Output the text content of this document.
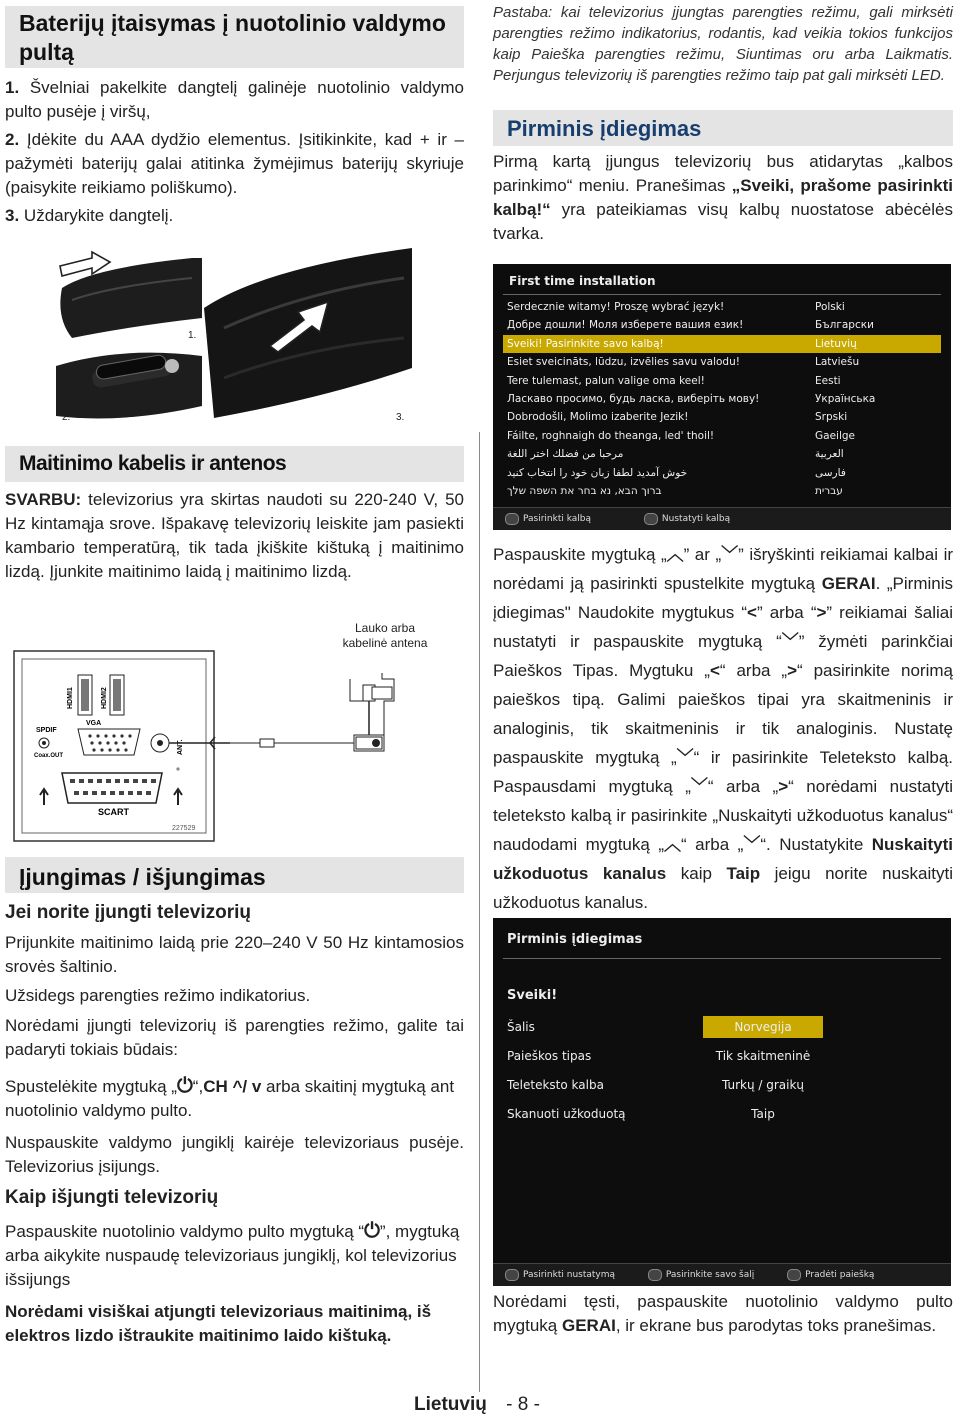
Baterijų įtaisymas į nuotolinio valdymo pultą

1. Švelniai pakelkite dangtelį galinėje nuotolinio valdymo pulto pusėje į viršų,

2. Įdėkite du AAA dydžio elementus. Įsitikinkite, kad + ir – pažymėti baterijų galai atitinka žymėjimus baterijų skyriuje (paisykite reikiamo poliškumo).

3. Uždarykite dangtelį.

1.
2.	3.
Maitinimo kabelis ir antenos

SVARBU: televizorius yra skirtas naudoti su 220-240 V, 50 Hz kintamąja srove. Išpakavę televizorių leiskite jam pasiekti kambario temperatūrą, tik tada įkiškite kištuką į maitinimo lizdą. Įjunkite maitinimo laidą į maitinimo lizdą.

Lauko arba
kabelinė antena
HDMI1	HDMI2
VGA
SPDIF
Coax.OUT
ANT.
SCART
227529
Įjungimas / išjungimas
Jei norite įjungti televizorių

Prijunkite maitinimo laidą prie 220–240 V 50 Hz kintamosios srovės šaltinio.

Užsidegs parengties režimo indikatorius.

Norėdami įjungti televizorių iš parengties režimo, galite tai padaryti tokiais būdais:

Spustelėkite mygtuką „⏻“,CH ^/ v arba skaitinį mygtuką ant nuotolinio valdymo pulto.

Nuspauskite valdymo jungiklį kairėje televizoriaus pusėje. Televizorius įsijungs.

Kaip išjungti televizorių

Paspauskite nuotolinio valdymo pulto mygtuką “⏻”, mygtuką arba aikykite nuspaudę televizoriaus jungiklį, kol televizorius išsijungs

Norėdami visiškai atjungti televizoriaus maitinimą, iš elektros lizdo ištraukite maitinimo laido kištuką.

Pastaba: kai televizorius įjungtas parengties režimu, gali mirksėti parengties režimo indikatorius, rodantis, kad veikia tokios funkcijos kaip Paieška parengties režimu, Siuntimas oru arba Laikmatis. Perjungus televizorių iš parengties režimo taip pat gali mirksėti LED.

Pirminis įdiegimas

Pirmą kartą įjungus televizorių bus atidarytas „kalbos parinkimo“ meniu. Pranešimas „Sveiki, prašome pasirinkti kalbą!“ yra pateikiamas visų kalbų nuostatose abėcėlės tvarka.

First time installation
Serdecznie witamy! Proszę wybrać język!	Polski
Добре дошли! Моля изберете вашия език!	Български
Sveiki! Pasirinkite savo kalbą!	Lietuvių
Esiet sveicināts, lūdzu, izvēlies savu valodu!	Latviešu
Tere tulemast, palun valige oma keel!	Eesti
Ласкаво просимо, будь ласка, виберіть мову!	Українська
Dobrodošli, Molimo izaberite Jezik!	Srpski
Fáilte, roghnaigh do theanga, led' thoil!	Gaeilge
مرحبا من فضلك اختر اللغة	العربية
خوش آمدید لطفا زبان خود را انتخاب کنید	فارسی
ברוך הבא, נא בחר את השפה שלך	עברית
Pasirinkti kalbą	Nustatyti kalbą
Paspauskite mygtuką „︿” ar „﹀” išryškinti reikiamai kalbai ir norėdami ją pasirinkti spustelkite mygtuką GERAI. „Pirminis įdiegimas" Naudokite mygtukus “<” arba “>” reikiamai šaliai nustatyti ir paspauskite mygtuką “﹀” žymėti parinkčiai Paieškos Tipas. Mygtuku „<“ arba „>“ pasirinkite norimą paieškos tipą. Galimi paieškos tipai yra skaitmeninis ir analoginis, tik skaitmeninis ir tik analoginis. Nustatę paspauskite mygtuką „﹀“ ir pasirinkite Teleteksto kalbą. Paspausdami mygtuką „﹀“ arba „>“ norėdami nustatyti teleteksto kalbą ir pasirinkite „Nuskaityti užkoduotus kanalus“ naudodami mygtuką „︿“ arba „﹀“. Nustatykite Nuskaityti užkoduotus kanalus kaip Taip jeigu norite nuskaityti užkoduotus kanalus.
Pirminis įdiegimas
Sveiki!
Šalis	Norvegija
Paieškos tipas	Tik skaitmeninė
Teleteksto kalba	Turkų / graikų
Skanuoti užkoduotą	Taip
Pasirinkti nustatymą	Pasirinkite savo šalį	Pradėti paiešką

Norėdami tęsti, paspauskite nuotolinio valdymo pulto mygtuką GERAI, ir ekrane bus parodytas toks pranešimas.

Lietuvių - 8 -
